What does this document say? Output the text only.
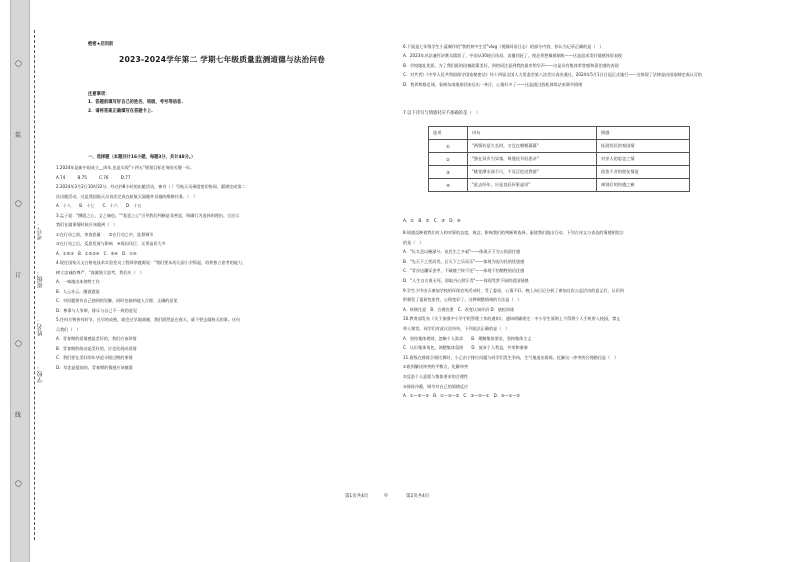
学校：
姓名：
班级：
考号：
◯
装
◯
订
◯
线
◯
绝密★启用前
2023-2024学年第二 学期七年级质量监测道德与法治问卷
注意事项：
1．答题前填写好自己的姓名、班级、考号等信息.
2．请将答案正确填写在答题卡上.
一、选择题（本题共计16小题，每题3分，共计48分。）
1.2024年是新中国成立__周年,也是实现"十四五"规划目标任务的关键一年。
A.74　　　B.75　　　C.76　　　D.77
2.2024年3月2日10时32分，经过约8小时的出舱活动，神舟（ ）号航天员乘组密切协同，圆满完成第二
次出舱活动。这是我国航天员首次完成在轨航天器舱外设施的维修任务。（　）
A．十八　　B．十七　　C．十六　　D．十五
3.孟子说："恻隐之心，义之端也。""羞恶之心"引导我们判断是非善恶，明确行为选择的理由。它启示
我们在做事情时候应该做到（　）
①在行动之前，审查思量　　②在行动之中，监督调节
③在行动之后，反思发展与影响　④需因风行，无须迫切大多
A．①②③　B．①②③④　C．②④　D．①④
4.现任国家天文台射电技术实验室员工程师余鹿源说："我们要从幼儿园小学抓起，培养独立思考的能力，
树立忠诚的尊严，"真属独立思考，我们应（　）
A．一味地由本独特工作
B．人云亦云，随波逐流
C．对问题要有自己独到的见解，同时也接纳他人合理、正确的意见
D．尊事与人争辩，排斥与自己不一致的意见
5.任何方物皆有时节，过早的成熟，就会过早地凋谢，我们既然是在春天，就不要去做秋天的事。这句
示我们（　）
A．青春期的爱情感是美好的，我们应该珍惜
B．青春期的萌动是美好的，应也发展成爱情
C．我们要在美好的年华追寻错过期的果情
D．早恋是提前的，青春期的情感应该慎重
6.下面是七年级学生小蕊制作的"我的初中生活"vlog（视频同语日志）的部分内容，你认为记录正确的是（　）
A．2023年苏法兼怀决赛太精彩了，中国从30轮后结局，直播回赶了，使必须想像着刷收——这是追求美好情感体验表现
B．学校地址优质，为了我们班的段被政策美好，到的同注意到我的最市给早声——这是具有集体荣誉感和责任感的表现
C．对共者》《中华人民共和国保守国家秘密法》经十四届全国人大常委会第八次会议表决通过，2024年5月1日日起正式施行——这体现了法律是由国家制定或认可的
D．我养和路足球，看顿东南地球回来后出一身汗，心情好多了——这是通过放松训练法来调节情绪
7.以下诗句与情感对应不准确的是（　）
选项	诗句	情感
①	"两情若是久长时，又岂在朝朝暮暮"	抚展忧民的家国情
②	"独在异乡为异客，每逢佳节倍思亲"	对亲人的思念之情
③	"桃花潭水深千尺，不及汪伦送我情"	依依不舍的朋友情谊
④	"此去经年，应是良辰好景虚设"	离别后的伤感之痛
A．①　B．②　C．③　D．④
8.情感反映着我们对人和对事的态度，观念，影响我们的判断和选择，驱使我们做出行动。下列古诗文与表达的情感相契合
的是（　）
A．"长太息以掩涕兮，哀民生之多艰"——体现天下为公的责任感
B．"先天下之忧而忧，后天下之乐而乐"——体现为国为民的忧患感
C．"青沙边疆穿金甲，不破楼兰终不还"——体现不怕牺牲的信任感
D．"人生自古谁无死，留取丹心照汗青"——体现受赏不屈的爱国情感
9.学生小甲由天参加学校的环保宣传活动时，受了委屈，心情不好。晚上向日记分析了参加这次公益活动的意义后，认识到
积极发了委屈包张性，心情变好了。这种调整情绪的方法是（　）
A．转移注意　B．合理宣泄　C．改变认知评价 D．放松训练
10.教育部发布《关于加强中小学手机管理工作的通知》，通知明确规定：中小学生原则上不得将个人手机带入校园，禁止
带入课堂。同学们对此议论纷纷，下列说法正确的是（　）
A．坚持集体规则，忽略个人需求　　B．理解集体要求，坚持集体主义
C．认识集体角色，调整集体氛围　　D．放弃个人利益，共荣和谐谐
11.班级在排练合唱比赛时，小乙由于排位问题与同学们发生争执，生气地退出排练。化解这一冲突的合理路径是（　）
①收到解决冲突的平衡点，化解冲突
②反思个人意愿与集体要求的合理性
③保持冷静，调节对自己的情绪反应
A．①—②—③　B．①—③—②　C．③—②—①　D．③—①—②
第1页共4页	◎	第2页共4页
